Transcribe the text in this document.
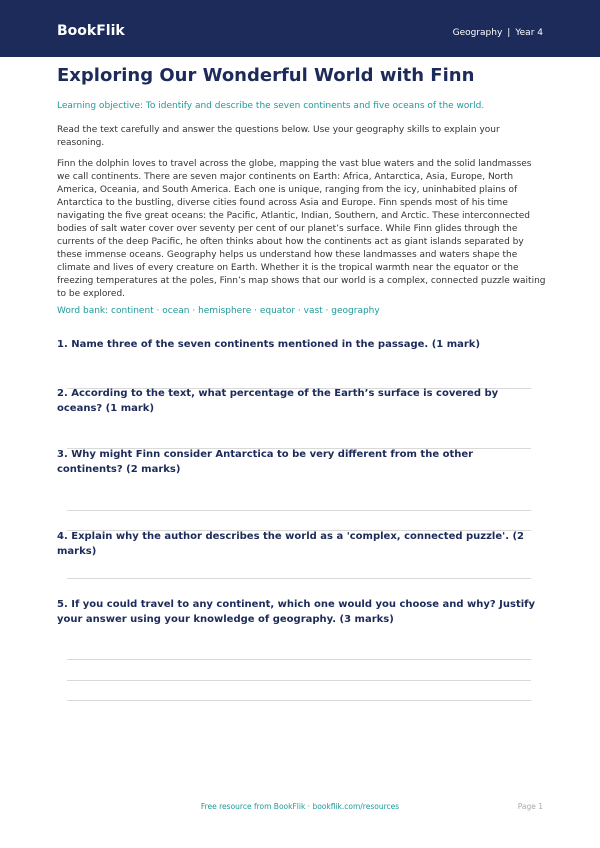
BookFlik	Geography | Year 4
Exploring Our Wonderful World with Finn
Learning objective: To identify and describe the seven continents and five oceans of the world.
Read the text carefully and answer the questions below. Use your geography skills to explain your reasoning.
Finn the dolphin loves to travel across the globe, mapping the vast blue waters and the solid landmasses we call continents. There are seven major continents on Earth: Africa, Antarctica, Asia, Europe, North America, Oceania, and South America. Each one is unique, ranging from the icy, uninhabited plains of Antarctica to the bustling, diverse cities found across Asia and Europe. Finn spends most of his time navigating the five great oceans: the Pacific, Atlantic, Indian, Southern, and Arctic. These interconnected bodies of salt water cover over seventy per cent of our planet’s surface. While Finn glides through the currents of the deep Pacific, he often thinks about how the continents act as giant islands separated by these immense oceans. Geography helps us understand how these landmasses and waters shape the climate and lives of every creature on Earth. Whether it is the tropical warmth near the equator or the freezing temperatures at the poles, Finn’s map shows that our world is a complex, connected puzzle waiting to be explored.
Word bank: continent · ocean · hemisphere · equator · vast · geography
1. Name three of the seven continents mentioned in the passage. (1 mark)
2. According to the text, what percentage of the Earth’s surface is covered by oceans? (1 mark)
3. Why might Finn consider Antarctica to be very different from the other continents? (2 marks)
4. Explain why the author describes the world as a 'complex, connected puzzle'. (2 marks)
5. If you could travel to any continent, which one would you choose and why? Justify your answer using your knowledge of geography. (3 marks)
Free resource from BookFlik · bookflik.com/resources	Page 1
